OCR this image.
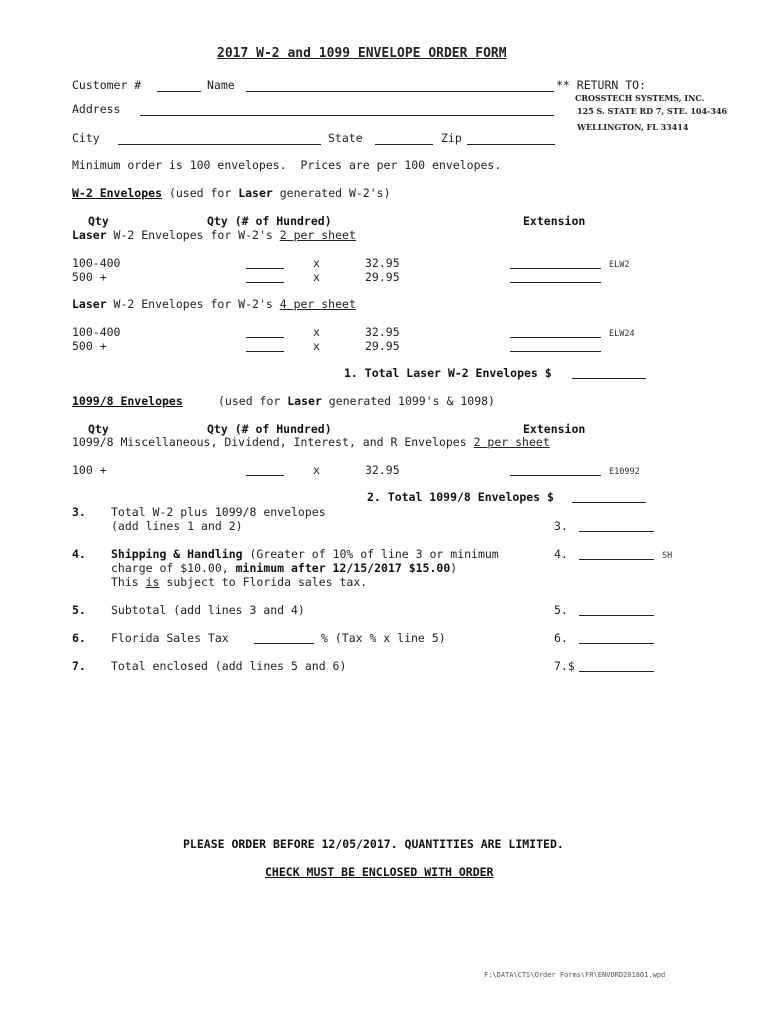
2017 W-2 and 1099 ENVELOPE ORDER FORM
Customer #	Name	** RETURN TO:
CROSSTECH SYSTEMS, INC.
125 S. STATE RD 7, STE. 104-346
WELLINGTON, FL 33414
Address
City	State	Zip
Minimum order is 100 envelopes.  Prices are per 100 envelopes.
W-2 Envelopes (used for Laser generated W-2's)
Qty	Qty (# of Hundred)	Extension
Laser W-2 Envelopes for W-2's 2 per sheet
100-400	x	32.95	ELW2
500 +	x	29.95
Laser W-2 Envelopes for W-2's 4 per sheet
100-400	x	32.95	ELW24
500 +	x	29.95
1. Total Laser W-2 Envelopes $
1099/8 Envelopes	(used for Laser generated 1099's & 1098)
Qty	Qty (# of Hundred)	Extension
1099/8 Miscellaneous, Dividend, Interest, and R Envelopes 2 per sheet
100 +	x	32.95	E10992
2. Total 1099/8 Envelopes $
3. Total W-2 plus 1099/8 envelopes
(add lines 1 and 2)	3.
4. Shipping & Handling (Greater of 10% of line 3 or minimum
charge of $10.00, minimum after 12/15/2017 $15.00)
This is subject to Florida sales tax.
4.	SH
5. Subtotal (add lines 3 and 4)	5.
6. Florida Sales Tax	% (Tax % x line 5)	6.
7. Total enclosed (add lines 5 and 6)	7.$
PLEASE ORDER BEFORE 12/05/2017. QUANTITIES ARE LIMITED.
CHECK MUST BE ENCLOSED WITH ORDER
F:\DATA\CTS\Order Forms\FR\ENVORD201801.wpd
